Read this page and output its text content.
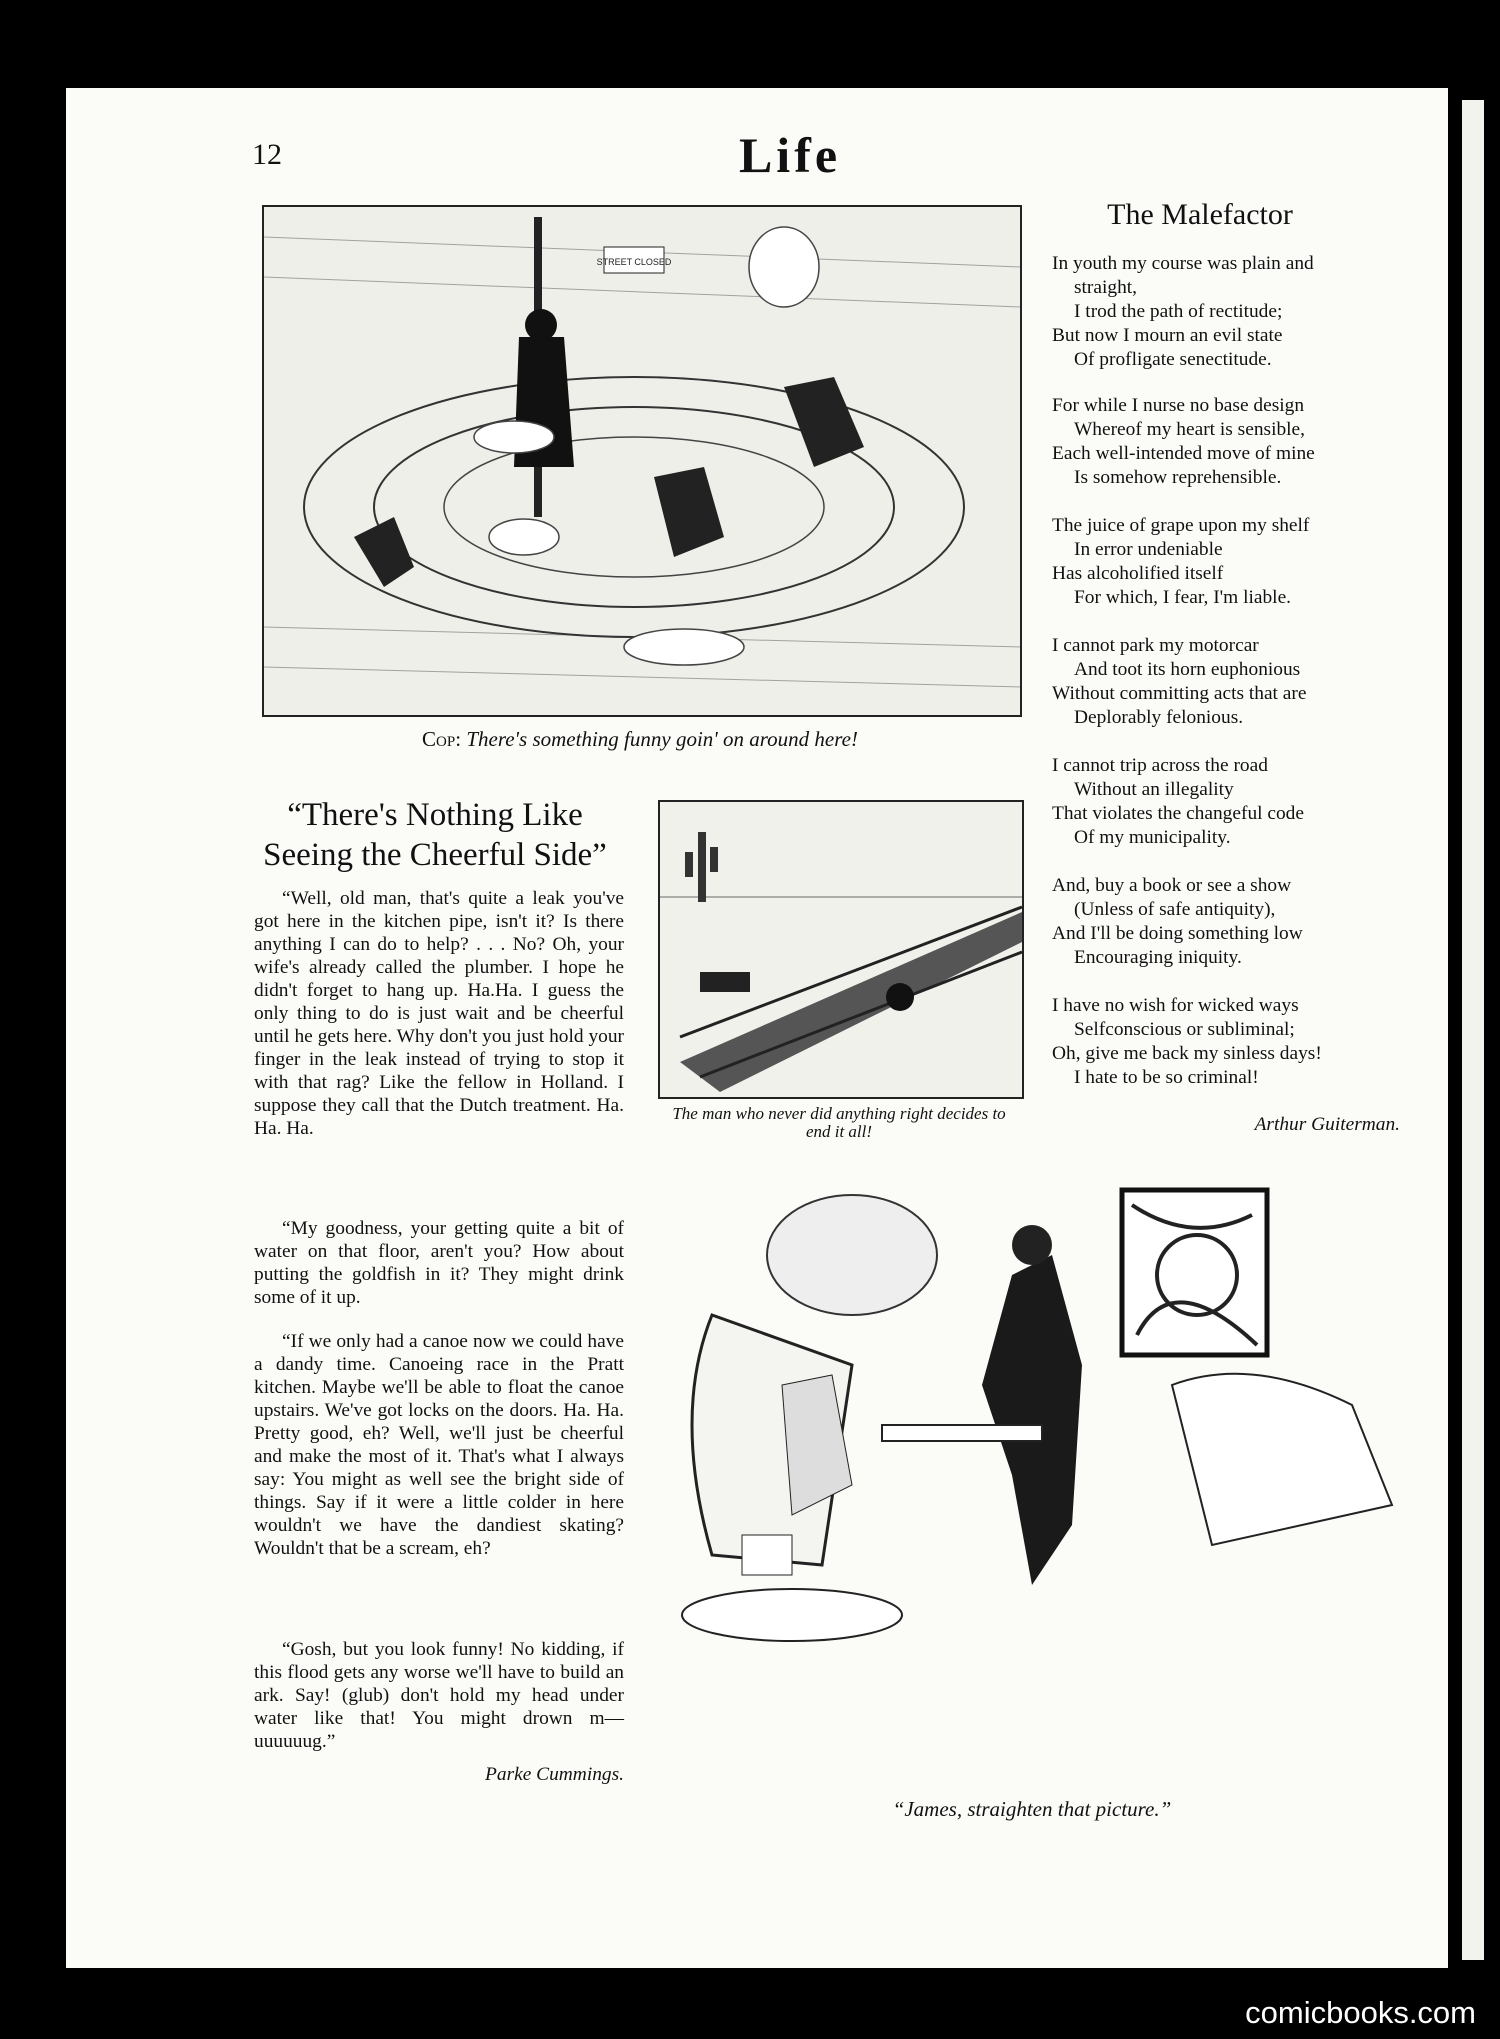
12	Life
STREET CLOSED
Cop: There's something funny goin' on around here!
“There's Nothing Like Seeing the Cheerful Side”

“Well, old man, that's quite a leak you've got here in the kitchen pipe, isn't it? Is there anything I can do to help? . . . No? Oh, your wife's already called the plumber. I hope he didn't forget to hang up. Ha.Ha. I guess the only thing to do is just wait and be cheerful until he gets here. Why don't you just hold your finger in the leak instead of trying to stop it with that rag? Like the fellow in Holland. I suppose they call that the Dutch treatment. Ha. Ha. Ha.

“My goodness, your getting quite a bit of water on that floor, aren't you? How about putting the goldfish in it? They might drink some of it up.

“If we only had a canoe now we could have a dandy time. Canoeing race in the Pratt kitchen. Maybe we'll be able to float the canoe upstairs. We've got locks on the doors. Ha. Ha. Pretty good, eh? Well, we'll just be cheerful and make the most of it. That's what I always say: You might as well see the bright side of things. Say if it were a little colder in here wouldn't we have the dandiest skating? Wouldn't that be a scream, eh?

“Gosh, but you look funny! No kidding, if this flood gets any worse we'll have to build an ark. Say! (glub) don't hold my head under water like that! You might drown m—uuuuuug.”

Parke Cummings.
The man who never did anything right decides to end it all!
The Malefactor
In youth my course was plain and
straight,
I trod the path of rectitude;
But now I mourn an evil state
Of profligate senectitude.
For while I nurse no base design
Whereof my heart is sensible,
Each well-intended move of mine
Is somehow reprehensible.
The juice of grape upon my shelf
In error undeniable
Has alcoholified itself
For which, I fear, I'm liable.
I cannot park my motorcar
And toot its horn euphonious
Without committing acts that are
Deplorably felonious.
I cannot trip across the road
Without an illegality
That violates the changeful code
Of my municipality.
And, buy a book or see a show
(Unless of safe antiquity),
And I'll be doing something low
Encouraging iniquity.
I have no wish for wicked ways
Selfconscious or subliminal;
Oh, give me back my sinless days!
I hate to be so criminal!
Arthur Guiterman.
“James, straighten that picture.”
comicbooks.com
